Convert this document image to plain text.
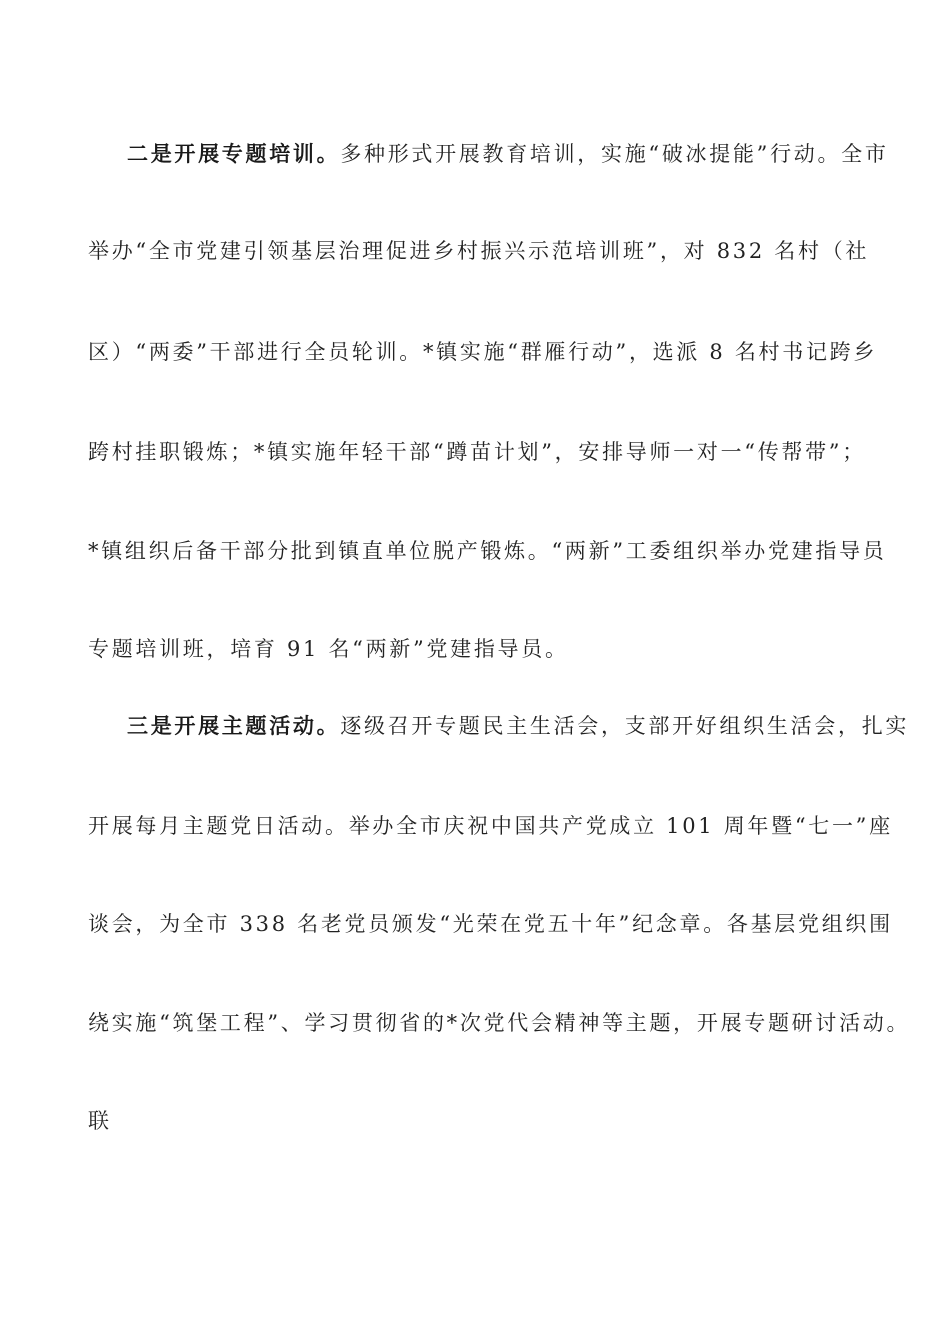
二是开展专题培训。多种形式开展教育培训，实施“破冰提能”行动。全市
举办“全市党建引领基层治理促进乡村振兴示范培训班”，对 832 名村（社
区）“两委”干部进行全员轮训。*镇实施“群雁行动”，选派 8 名村书记跨乡
跨村挂职锻炼；*镇实施年轻干部“蹲苗计划”，安排导师一对一“传帮带”；
*镇组织后备干部分批到镇直单位脱产锻炼。“两新”工委组织举办党建指导员
专题培训班，培育 91 名“两新”党建指导员。
三是开展主题活动。逐级召开专题民主生活会，支部开好组织生活会，扎实
开展每月主题党日活动。举办全市庆祝中国共产党成立 101 周年暨“七一”座
谈会，为全市 338 名老党员颁发“光荣在党五十年”纪念章。各基层党组织围
绕实施“筑堡工程”、学习贯彻省的*次党代会精神等主题，开展专题研讨活动。
联
